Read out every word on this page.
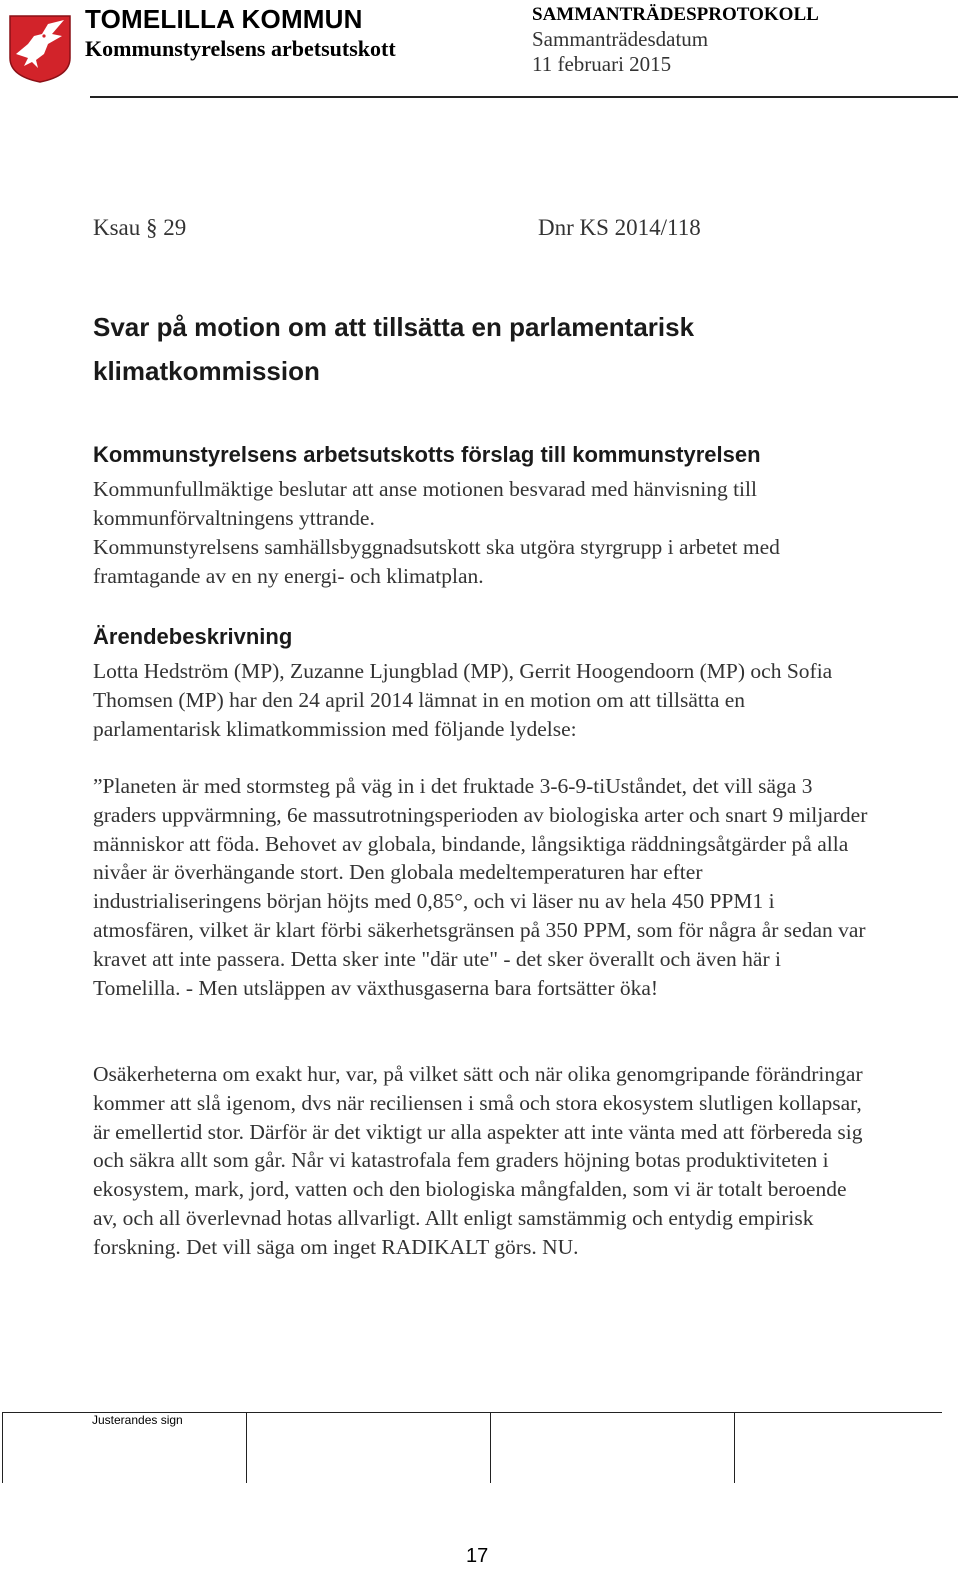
TOMELILLA KOMMUN
Kommunstyrelsens arbetsutskott
SAMMANTRÄDESPROTOKOLL
Sammanträdesdatum
11 februari 2015
Ksau § 29	Dnr KS 2014/118
Svar på motion om att tillsätta en parlamentarisk klimatkommission
Kommunstyrelsens arbetsutskotts förslag till kommunstyrelsen

Kommunfullmäktige beslutar att anse motionen besvarad med hänvisning till kommunförvaltningens yttrande.

Kommunstyrelsens samhällsbyggnadsutskott ska utgöra styrgrupp i arbetet med framtagande av en ny energi- och klimatplan.

Ärendebeskrivning

Lotta Hedström (MP), Zuzanne Ljungblad (MP), Gerrit Hoogendoorn (MP) och Sofia Thomsen (MP) har den 24 april 2014 lämnat in en motion om att tillsätta en parlamentarisk klimatkommission med följande lydelse:

”Planeten är med stormsteg på väg in i det fruktade 3-6-9-tiUståndet, det vill säga 3 graders uppvärmning, 6e massutrotningsperioden av biologiska arter och snart 9 miljarder människor att föda. Behovet av globala, bindande, långsiktiga räddningsåtgärder på alla nivåer är överhängande stort. Den globala medeltemperaturen har efter industrialiseringens början höjts med 0,85°, och vi läser nu av hela 450 PPM1 i atmosfären, vilket är klart förbi säkerhetsgränsen på 350 PPM, som för några år sedan var kravet att inte passera. Detta sker inte "där ute" - det sker överallt och även här i Tomelilla. - Men utsläppen av växthusgaserna bara fortsätter öka!

Osäkerheterna om exakt hur, var, på vilket sätt och när olika genomgripande förändringar kommer att slå igenom, dvs när reciliensen i små och stora ekosystem slutligen kollapsar, är emellertid stor. Därför är det viktigt ur alla aspekter att inte vänta med att förbereda sig och säkra allt som går. Når vi katastrofala fem graders höjning botas produktiviteten i ekosystem, mark, jord, vatten och den biologiska mångfalden, som vi är totalt beroende av, och all överlevnad hotas allvarligt. Allt enligt samstämmig och entydig empirisk forskning. Det vill säga om inget RADIKALT görs. NU.

Justerandes sign
17
